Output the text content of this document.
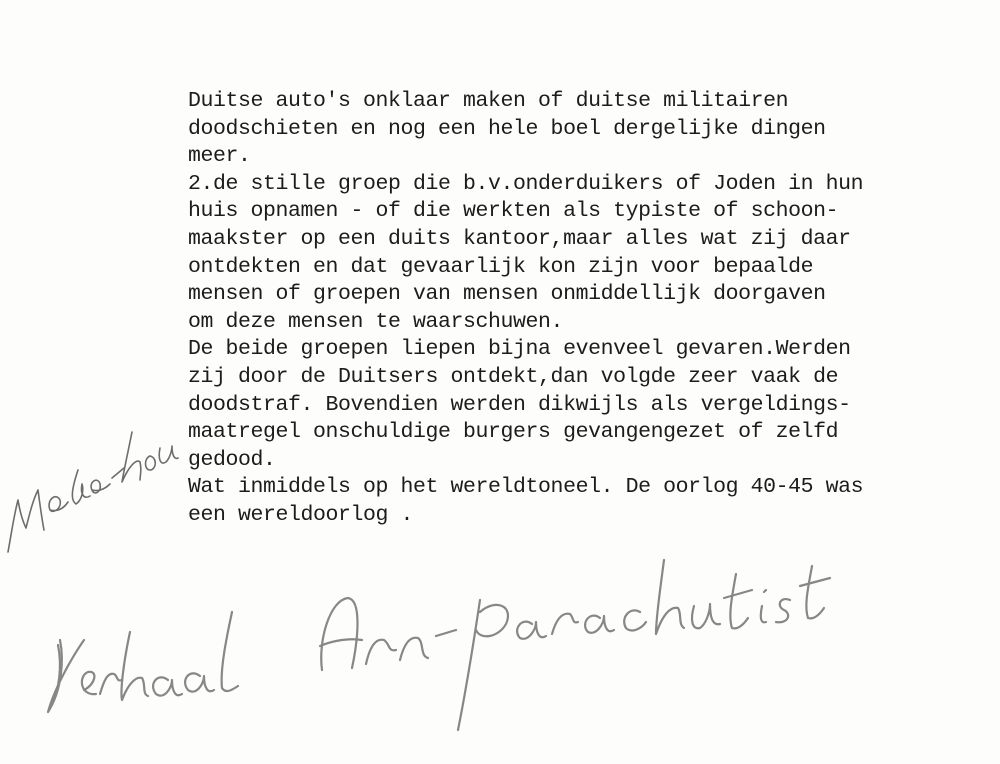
Duitse auto's onklaar maken of duitse militairen
doodschieten en nog een hele boel dergelijke dingen
meer.
2.de stille groep die b.v.onderduikers of Joden in hun
huis opnamen - of die werkten als typiste of schoon-
maakster op een duits kantoor,maar alles wat zij daar
ontdekten en dat gevaarlijk kon zijn voor bepaalde
mensen of groepen van mensen onmiddellijk doorgaven
om deze mensen te waarschuwen.
De beide groepen liepen bijna evenveel gevaren.Werden
zij door de Duitsers ontdekt,dan volgde zeer vaak de
doodstraf. Bovendien werden dikwijls als vergeldings-
maatregel onschuldige burgers gevangengezet of zelfd
gedood.
Wat inmiddels op het wereldtoneel. De oorlog 40-45 was
een wereldoorlog .
